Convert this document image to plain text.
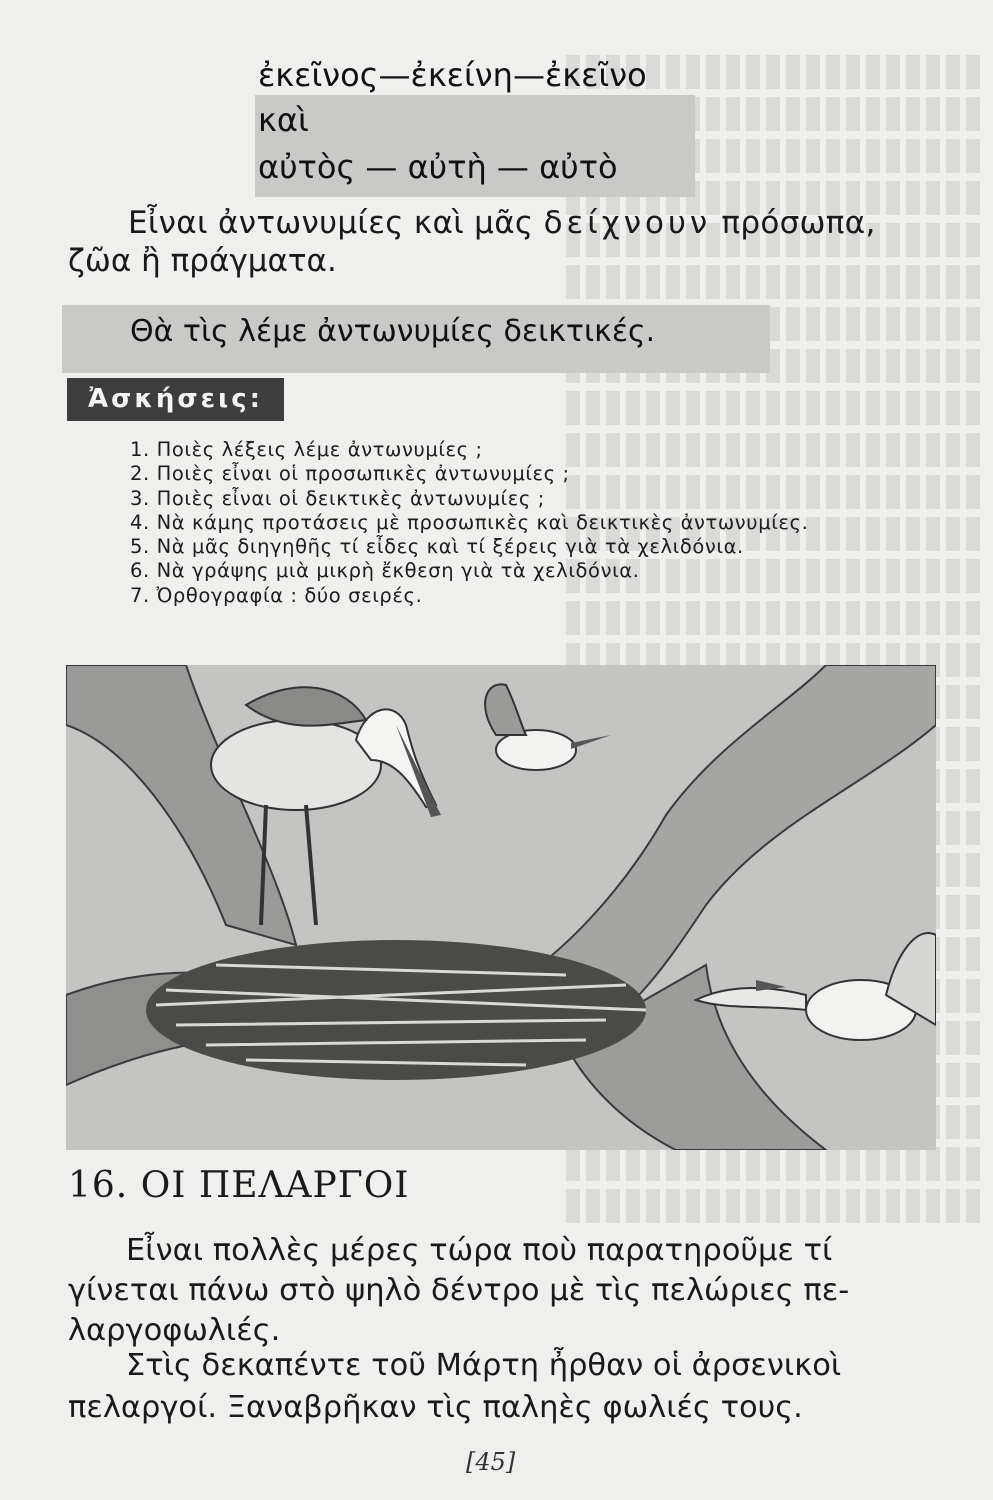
ἐκεῖνος—ἐκείνη—ἐκεῖνο
καὶ
αὐτὸς — αὐτὴ — αὐτὸ
Εἶναι ἀντωνυμίες καὶ μᾶς δείχνουν πρόσωπα,
ζῶα ἢ πράγματα.
Θὰ τὶς λέμε ἀντωνυμίες δεικτικές.
Ἀσκήσεις:
1. Ποιὲς λέξεις λέμε ἀντωνυμίες ;
2. Ποιὲς εἶναι οἱ προσωπικὲς ἀντωνυμίες ;
3. Ποιὲς εἶναι οἱ δεικτικὲς ἀντωνυμίες ;
4. Νὰ κάμης προτάσεις μὲ προσωπικὲς καὶ δεικτικὲς ἀντωνυμίες.
5. Νὰ μᾶς διηγηθῆς τί εἶδες καὶ τί ξέρεις γιὰ τὰ χελιδόνια.
6. Νὰ γράψης μιὰ μικρὴ ἔκθεση γιὰ τὰ χελιδόνια.
7. Ὀρθογραφία : δύο σειρές.
16. ΟΙ ΠΕΛΑΡΓΟΙ
Εἶναι πολλὲς μέρες τώρα ποὺ παρατηροῦμε τί
γίνεται πάνω στὸ ψηλὸ δέντρο μὲ τὶς πελώριες πε-
λαργοφωλιές.
Στὶς δεκαπέντε τοῦ Μάρτη ἦρθαν οἱ ἀρσενικοὶ
πελαργοί. Ξαναβρῆκαν τὶς παληὲς φωλιές τους.
[45]
